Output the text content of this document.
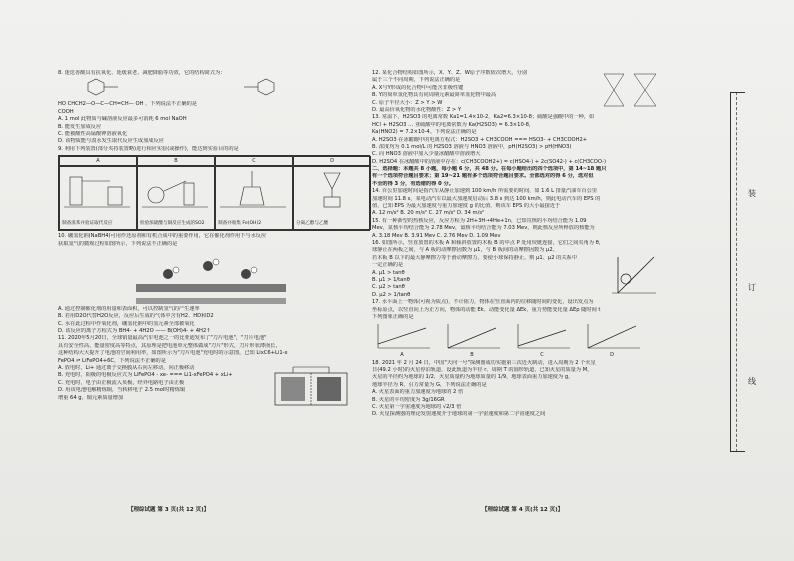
8. 迷迭香酸具有抗氧化、延缓衰老、减肥降脂等功效，它的结构简式为：
HO CHCH2—O—C—CH=CH— OH ，下列说法不正确的是
COOH
A. 1 mol 此物质与碱溶液反应最多可消耗 6 mol NaOH
B. 能发生加成反应
C. 能被酸性高锰酸钾溶液氧化
D. 该物质能与溴水发生取代反应生成加成反应
9. 利用下列装置(部分夹持装置略)进行相应实验(或操作)，能达到实验目的的是
A	B	C	D
制备溴苯并验证取代反应	检验浓硫酸与铜反应生成的SO2	制备并收集 Fe(OH)2	分离乙醇与乙酸
10. 硼氢化钠(NaBH4)可用作还原剂和有机合成中的重要作用，它在催化剂作用下与水反应
获取氢气的微观过程如图所示，下列说法不正确的是
A. 通过控制催化剂的用量和表面积，可以控制氢气的产生速率
B. 若用D2O代替H2O反应，反应后生成的气体中含有H2、HD和D2
C. 水在此过程中作氧化剂，硼氢化钠中的氢元素全部被氧化
D. 该反应的离子方程式为 BH4- + 4H2O —— B(OH)4- + 4H2↑
11. 2020年5月20日，全球销量最高汽车电池之一的比亚迪发布了"刀片电池"，"刀片电池"
具有安全性高、能量密度高等特点，其原理是把电池单元整体做成"刀片"形式，刀片形状薄而长，
这种结构大大提升了电池的空间利用率，如图所示为"刀片电池"充电时的示意图，已知 LixC6+Li1-x
FePO4 ⇌ LiFePO4+6C，下列说法不正确的是
A. 放电时，Li+ 通过离子交换膜从右向左移动，向正极移动
B. 充电时，阳极的电极反应式为 LiFePO4 - xe- === Li1-xFePO4 + xLi+
C. 充电时，电子由正极流入负极，经外电路电子由正极
D. 用该电池电解精炼铜，当转移电子 2.5 mol时精炼铜
增重 64 g，铜元素质量增加
【理综试题 第 3 页(共 12 页)】
12. 某化合物结构如图所示，X、Y、Z、W原子序数依次增大，分别
属于三个不同周期，下列说法正确的是
A. X与Y形成的化合物中可能含非极性键
B. Y的简单氢化物具有同周期元素最简单氢化物中最高
C. 原子半径大小：Z > Y > W
D. 最高价氧化物的水化物酸性：Z > Y
13. 常温下，H2SO3 的电离常数 Ka1=1.4×10-2，Ka2=6.3×10-8；硫酸是强酸中的一种，如
HCl + H2SO3 … 亚硫酸中的电离常数为 Ka(H2SO3) = 6.3×10-8，
Ka(HNO2) = 7.2×10-4。下列说法正确的是
A. H2SO3 在冰醋酸中的电离方程式：H2SO3 + CH3COOH === HSO3- + CH3COOH2+
B. 浓度均为 0.1 mol/L 的 H2SO3 溶液与 HNO3 溶液中，pH(H2SO3) > pH(HNO3)
C. 向 HNO3 溶液中加入少量冰醋酸中溶液增大
D. H2SO4 在冰醋酸中的溶液中存在：c(CH3COOH2+) = c(HSO4-) + 2c(SO42-) + c(CH3COO-)
二、选择题：本题共 8 小题，每小题 6 分，共 48 分。在每小题给出的四个选项中，第 14~18 题只
有一个选项符合题目要求；第 19~21 题有多个选项符合题目要求。全部选对的得 6 分，选对但
不全的得 3 分，有选错的得 0 分。
14. 百公里加速时间是指汽车从静止加速到 100 km/h 所需要的时间，如 1.6 L 排量汽油车百公里
加速时间 11.8 s，某电动汽车以最大加速度启动后 3.8 s 到达 100 km/h，则此电动汽车的 EPS 的
值，已知 EPS 为最大加速度与重力加速度 g 的比值，则该车 EPS 的大小最接近于
A. 12 m/s² B. 20 m/s² C. 27 m/s² D. 34 m/s²
15. 有一种新型的热核反应，反应方程为 2H+3H→4He+1n，已知氘核的平均结合能为 1.09
Mev，氚核平均结合能为 2.78 Mev，氦核平均结合能为 7.03 Mev，则此核反应所释放的核能为
A. 3.18 Mev B. 3.91 Mev C. 2.76 Mev D. 1.09 Mev
16. 如图所示，竖直放置的木板 A 和倾斜放置的木板 B 的中点 P 处用铰链连接，它们之间夹角为 θ，
球静止在两板之间，与 A 板的动摩擦因数为 μ1，与 B 板间的动摩擦因数为 μ2。
若木板 B 以下的最大静摩擦力等于滑动摩擦力，要使小球保持静止，则 μ1、μ2 的关系中
一定正确的是
A. μ1 > tanθ
B. μ1 > 1/tanθ
C. μ2 > tanθ
D. μ2 > 1/tanθ
17. 水平面上一物体(可视为质点)，不计阻力，物体在竖直面内的位移随时间的变化，设出发点为
坐标原点，以竖直向上为正方向，物体的动能 Ek、动能变化量 ΔEk、重力势能变化量 ΔEp 随时间 t
下列图象正确的是
A	B	C	D
18. 2021 年 2 月 24 日，中国"天问一号"探测器成功实施第三次近火制动，进入周期为 2 个火星
日(49.2 小时)的火星停泊轨道，设此轨道为半径 r、周期 T 的圆形轨道，已知火星的质量为 M，
火星的半径约为地球的 1/2，火星质量约为地球质量的 1/9，地球表面重力加速度为 g，
地球半径为 R，引力常量为 G，下列说法正确的是
A. 火星表面的重力加速度为地球的 2 倍
B. 火星的平均密度为 3g/16GR
C. 火星第一宇宙速度为地球的 √2/3 倍
D. 火星探测器的理论发射速度介于地球的第一宇宙速度和第二宇宙速度之间
【理综试题 第 4 页(共 12 页)】
装
订
线
